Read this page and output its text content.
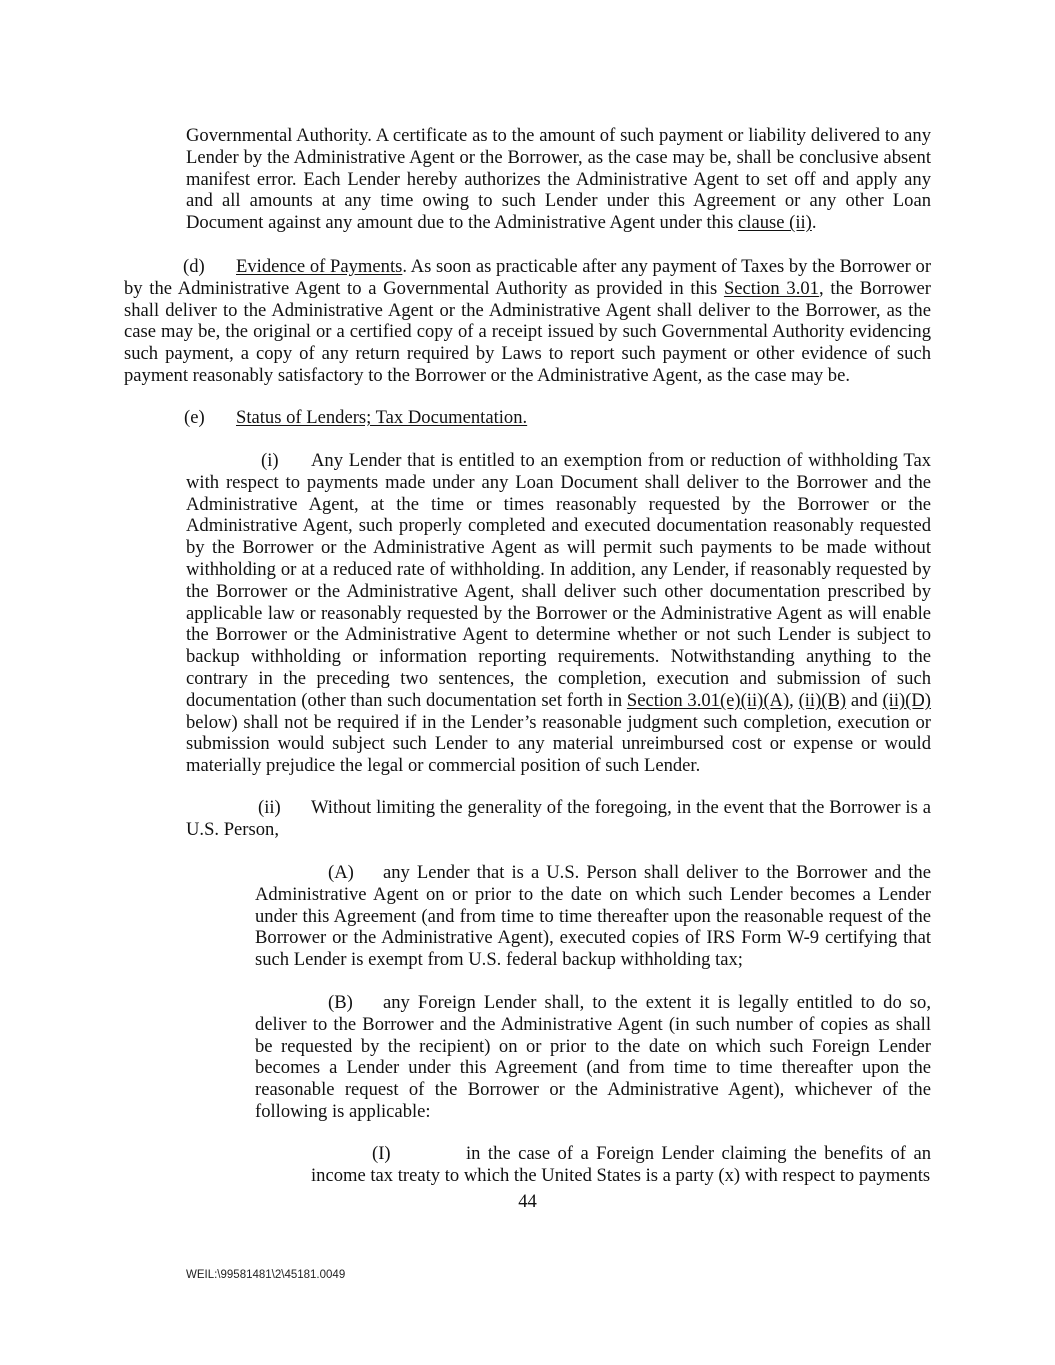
Governmental Authority. A certificate as to the amount of such payment or liability delivered to any Lender by the Administrative Agent or the Borrower, as the case may be, shall be conclusive absent manifest error. Each Lender hereby authorizes the Administrative Agent to set off and apply any and all amounts at any time owing to such Lender under this Agreement or any other Loan Document against any amount due to the Administrative Agent under this clause (ii).

(d) Evidence of Payments. As soon as practicable after any payment of Taxes by the Borrower or by the Administrative Agent to a Governmental Authority as provided in this Section 3.01, the Borrower shall deliver to the Administrative Agent or the Administrative Agent shall deliver to the Borrower, as the case may be, the original or a certified copy of a receipt issued by such Governmental Authority evidencing such payment, a copy of any return required by Laws to report such payment or other evidence of such payment reasonably satisfactory to the Borrower or the Administrative Agent, as the case may be.

(e) Status of Lenders; Tax Documentation.

(i) Any Lender that is entitled to an exemption from or reduction of withholding Tax with respect to payments made under any Loan Document shall deliver to the Borrower and the Administrative Agent, at the time or times reasonably requested by the Borrower or the Administrative Agent, such properly completed and executed documentation reasonably requested by the Borrower or the Administrative Agent as will permit such payments to be made without withholding or at a reduced rate of withholding. In addition, any Lender, if reasonably requested by the Borrower or the Administrative Agent, shall deliver such other documentation prescribed by applicable law or reasonably requested by the Borrower or the Administrative Agent as will enable the Borrower or the Administrative Agent to determine whether or not such Lender is subject to backup withholding or information reporting requirements. Notwithstanding anything to the contrary in the preceding two sentences, the completion, execution and submission of such documentation (other than such documentation set forth in Section 3.01(e)(ii)(A), (ii)(B) and (ii)(D) below) shall not be required if in the Lender’s reasonable judgment such completion, execution or submission would subject such Lender to any material unreimbursed cost or expense or would materially prejudice the legal or commercial position of such Lender.

(ii) Without limiting the generality of the foregoing, in the event that the Borrower is a U.S. Person,

(A) any Lender that is a U.S. Person shall deliver to the Borrower and the Administrative Agent on or prior to the date on which such Lender becomes a Lender under this Agreement (and from time to time thereafter upon the reasonable request of the Borrower or the Administrative Agent), executed copies of IRS Form W-9 certifying that such Lender is exempt from U.S. federal backup withholding tax;

(B) any Foreign Lender shall, to the extent it is legally entitled to do so, deliver to the Borrower and the Administrative Agent (in such number of copies as shall be requested by the recipient) on or prior to the date on which such Foreign Lender becomes a Lender under this Agreement (and from time to time thereafter upon the reasonable request of the Borrower or the Administrative Agent), whichever of the following is applicable:

(I)	in the case of a Foreign Lender claiming the benefits of an income tax treaty to which the United States is a party (x) with respect to payments

44
WEIL:\99581481\2\45181.0049
